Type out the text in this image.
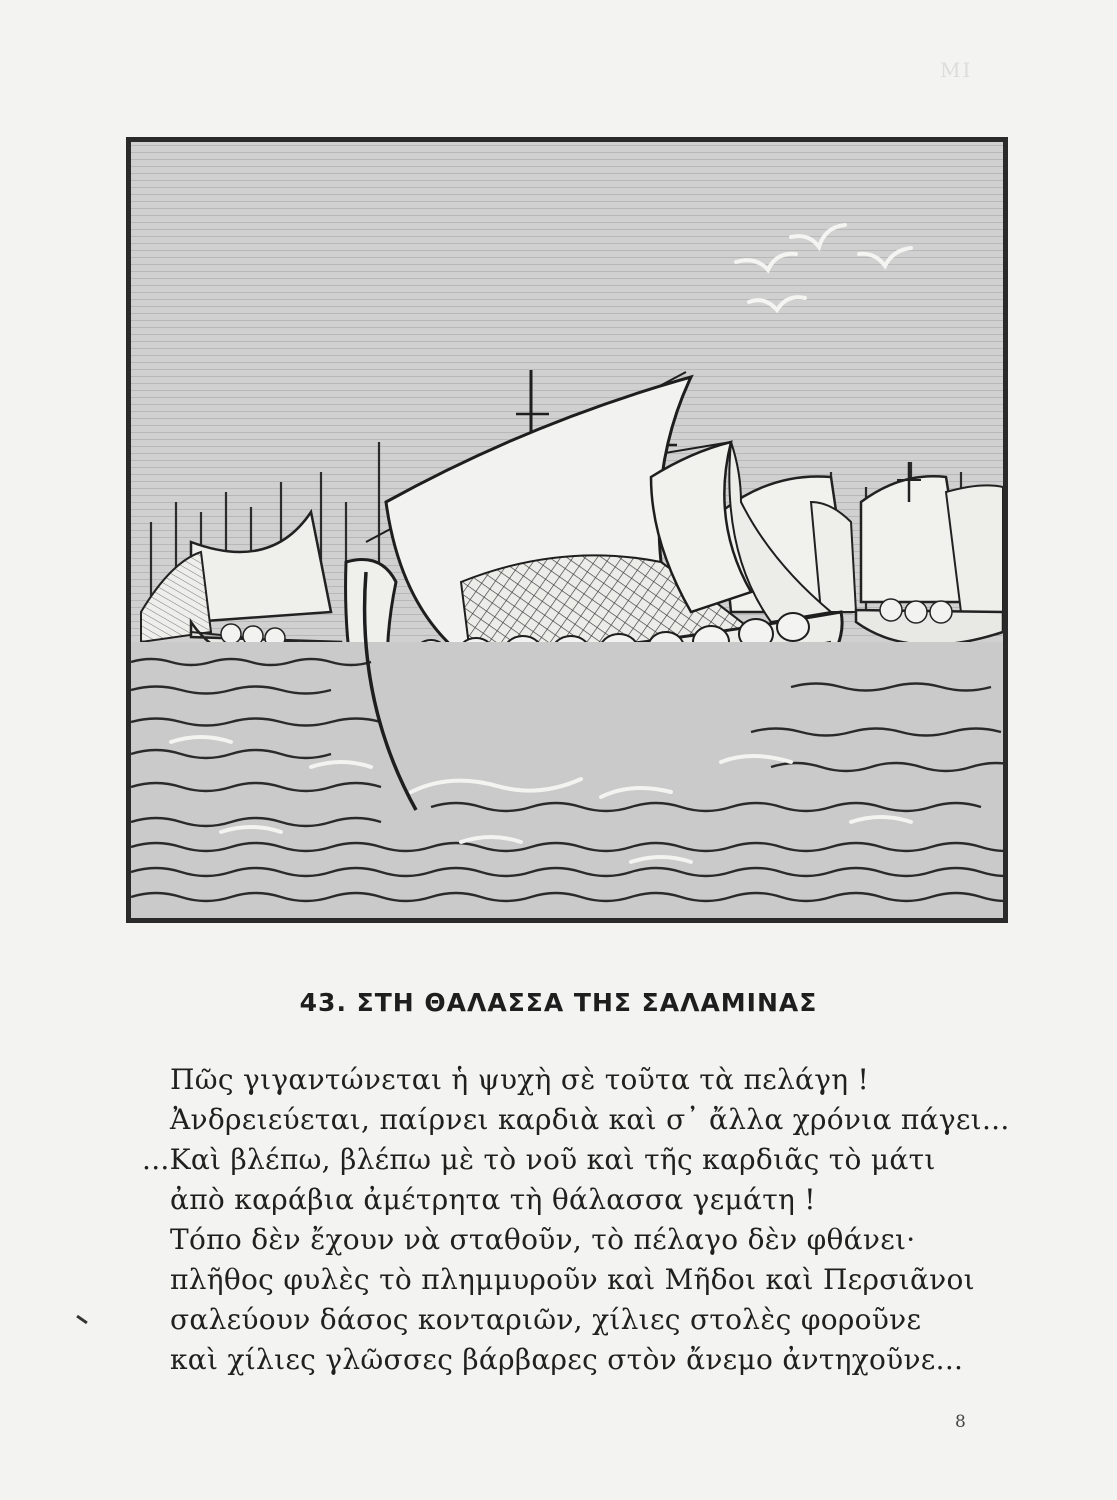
ΜΙ
43. ΣΤΗ ΘΑΛΑΣΣΑ ΤΗΣ ΣΑΛΑΜΙΝΑΣ
Πῶς γιγαντώνεται ἡ ψυχὴ σὲ τοῦτα τὰ πελάγη !
Ἀνδρειεύεται, παίρνει καρδιὰ καὶ σ᾿ ἄλλα χρόνια πάγει...
...Καὶ βλέπω, βλέπω μὲ τὸ νοῦ καὶ τῆς καρδιᾶς τὸ μάτι
ἀπὸ καράβια ἀμέτρητα τὴ θάλασσα γεμάτη !
Τόπο δὲν ἔχουν νὰ σταθοῦν, τὸ πέλαγο δὲν φθάνει·
πλῆθος φυλὲς τὸ πλημμυροῦν καὶ Μῆδοι καὶ Περσιᾶνοι
σαλεύουν δάσος κονταριῶν, χίλιες στολὲς φοροῦνε
καὶ χίλιες γλῶσσες βάρβαρες στὸν ἄνεμο ἀντηχοῦνε...
8
